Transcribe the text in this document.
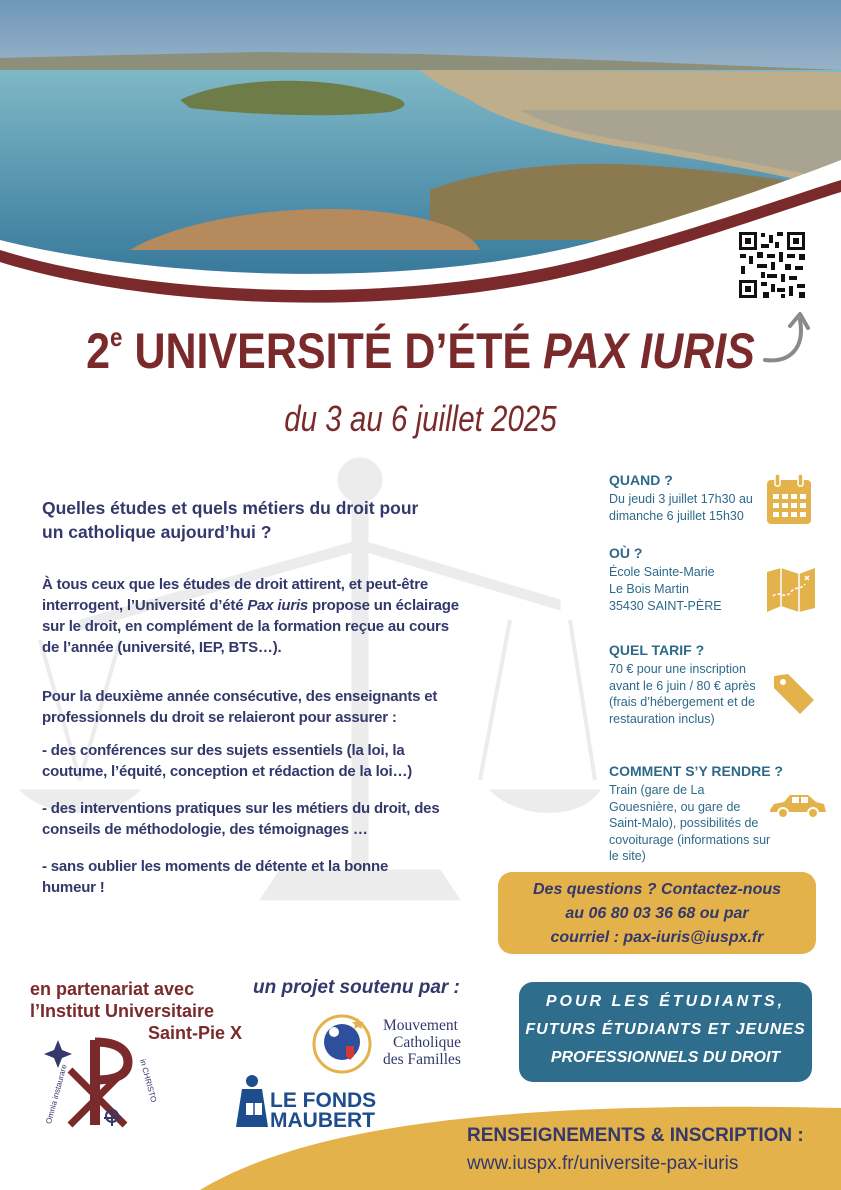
2e UNIVERSITÉ D’ÉTÉ PAX IURIS
du 3 au 6 juillet 2025
Quelles études et quels métiers du droit pour un catholique aujourd’hui ?
À tous ceux que les études de droit attirent, et peut-être interrogent, l’Université d’été Pax iuris propose un éclairage sur le droit, en complément de la formation reçue au cours de l’année (université, IEP, BTS…).
Pour la deuxième année consécutive, des enseignants et professionnels du droit se relaieront pour assurer :
- des conférences sur des sujets essentiels (la loi, la coutume, l’équité, conception et rédaction de la loi…)
- des interventions pratiques sur les métiers du droit, des conseils de méthodologie, des témoignages …
- sans oublier les moments de détente et la bonne humeur !
QUAND ?
Du jeudi 3 juillet 17h30 au dimanche 6 juillet 15h30
OÙ ?
École Sainte-Marie
Le Bois Martin
35430 SAINT-PÈRE
QUEL TARIF ?
70 € pour une inscription avant le 6 juin / 80 € après (frais d’hébergement et de restauration inclus)
COMMENT S’Y RENDRE ?
Train (gare de La Gouesnière, ou gare de Saint-Malo), possibilités de covoiturage (informations sur le site)
Des questions ? Contactez-nous
au 06 80 03 36 68 ou par
courriel : pax-iuris@iuspx.fr
POUR LES ÉTUDIANTS,
FUTURS ÉTUDIANTS ET JEUNES
PROFESSIONNELS DU DROIT
en partenariat avec
l’Institut Universitaire
Saint-Pie X
Omnia instaurare	in CHRISTO
un projet soutenu par :
Mouvement
Catholique
des Familles
LE FONDS
MAUBERT
RENSEIGNEMENTS & INSCRIPTION :
www.iuspx.fr/universite-pax-iuris
